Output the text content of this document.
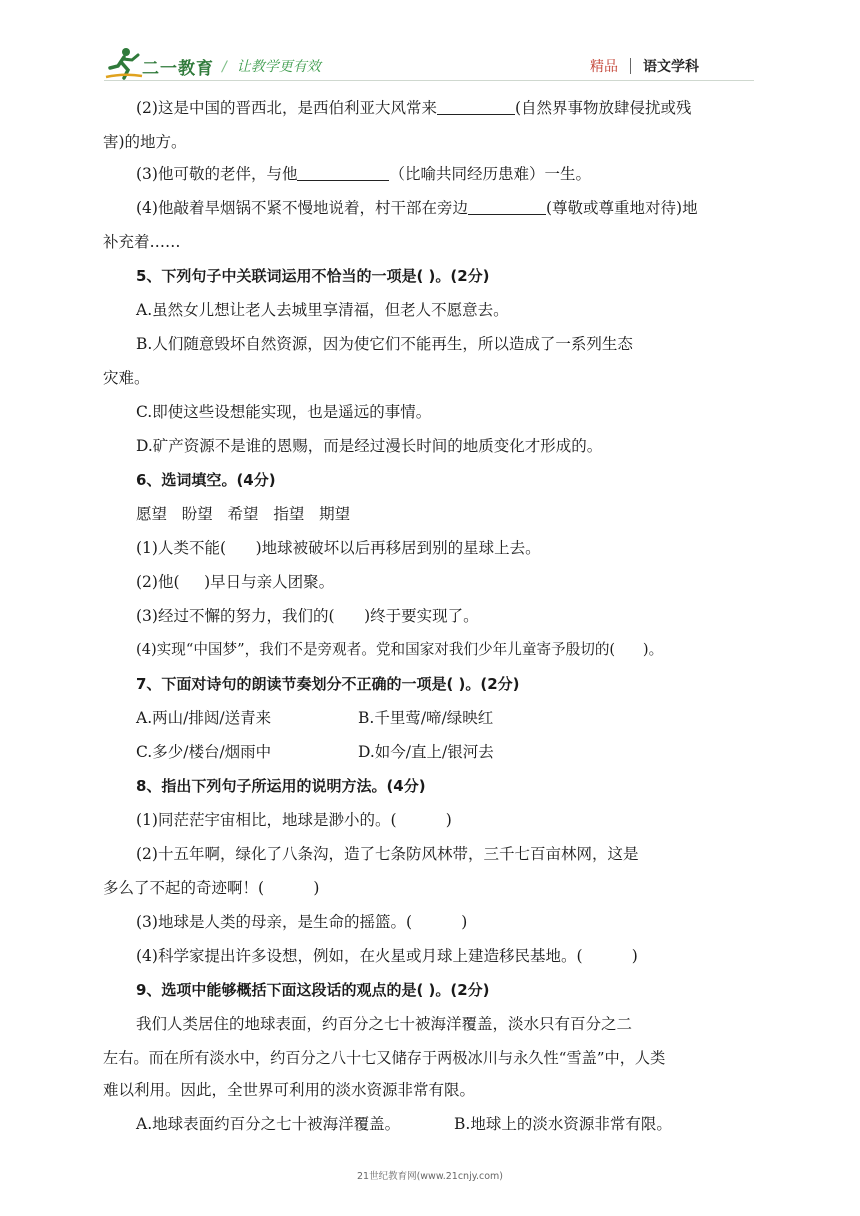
二一教育 / 让教学更有效	精品 语文学科
(2)这是中国的晋西北，是西伯利亚大风常来	(自然界事物放肆侵扰或残
害)的地方。
(3)他可敬的老伴，与他	（比喻共同经历患难）一生。
(4)他敲着旱烟锅不紧不慢地说着，村干部在旁边	(尊敬或尊重地对待)地
补充着……
5、下列句子中关联词运用不恰当的一项是( )。(2分)
A.虽然女儿想让老人去城里享清福，但老人不愿意去。
B.人们随意毁坏自然资源，因为使它们不能再生，所以造成了一系列生态
灾难。
C.即使这些设想能实现，也是遥远的事情。
D.矿产资源不是谁的恩赐，而是经过漫长时间的地质变化才形成的。
6、选词填空。(4分)
愿望   盼望   希望   指望   期望
(1)人类不能(      )地球被破坏以后再移居到别的星球上去。
(2)他(     )早日与亲人团聚。
(3)经过不懈的努力，我们的(      )终于要实现了。
(4)实现“中国梦”，我们不是旁观者。党和国家对我们少年儿童寄予殷切的(      )。
7、下面对诗句的朗读节奏划分不正确的一项是( )。(2分)
A.两山/排闼/送青来	B.千里莺/啼/绿映红
C.多少/楼台/烟雨中	D.如今/直上/银河去
8、指出下列句子所运用的说明方法。(4分)
(1)同茫茫宇宙相比，地球是渺小的。(          )
(2)十五年啊，绿化了八条沟，造了七条防风林带，三千七百亩林网，这是
多么了不起的奇迹啊！(          )
(3)地球是人类的母亲，是生命的摇篮。(          )
(4)科学家提出许多设想，例如，在火星或月球上建造移民基地。(          )
9、选项中能够概括下面这段话的观点的是( )。(2分)
我们人类居住的地球表面，约百分之七十被海洋覆盖，淡水只有百分之二
左右。而在所有淡水中，约百分之八十七又储存于两极冰川与永久性“雪盖”中，人类
难以利用。因此，全世界可利用的淡水资源非常有限。
A.地球表面约百分之七十被海洋覆盖。	B.地球上的淡水资源非常有限。
21世纪教育网(www.21cnjy.com)
